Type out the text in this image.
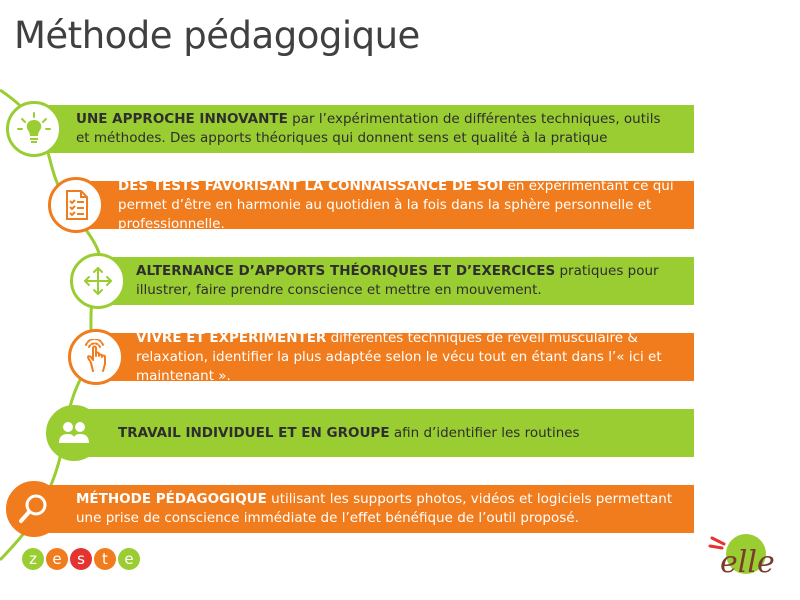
Méthode pédagogique
UNE APPROCHE INNOVANTE par l’expérimentation de différentes techniques, outils et méthodes. Des apports théoriques qui donnent sens et qualité à la pratique
DES TESTS FAVORISANT LA CONNAISSANCE DE SOI en expérimentant ce qui permet d’être en harmonie au quotidien à la fois dans la sphère personnelle et professionnelle.
ALTERNANCE D’APPORTS THÉORIQUES ET D’EXERCICES pratiques pour illustrer, faire prendre conscience et mettre en mouvement.
VIVRE ET EXPÉRIMENTER différentes techniques de réveil musculaire & relaxation, identifier la plus adaptée selon le vécu tout en étant dans l’« ici et maintenant ».
TRAVAIL INDIVIDUEL ET EN GROUPE afin d’identifier les routines
MÉTHODE PÉDAGOGIQUE utilisant les supports photos, vidéos et logiciels permettant une prise de conscience immédiate de l’effet bénéfique de l’outil proposé.
z	e	s	t	e	elle
